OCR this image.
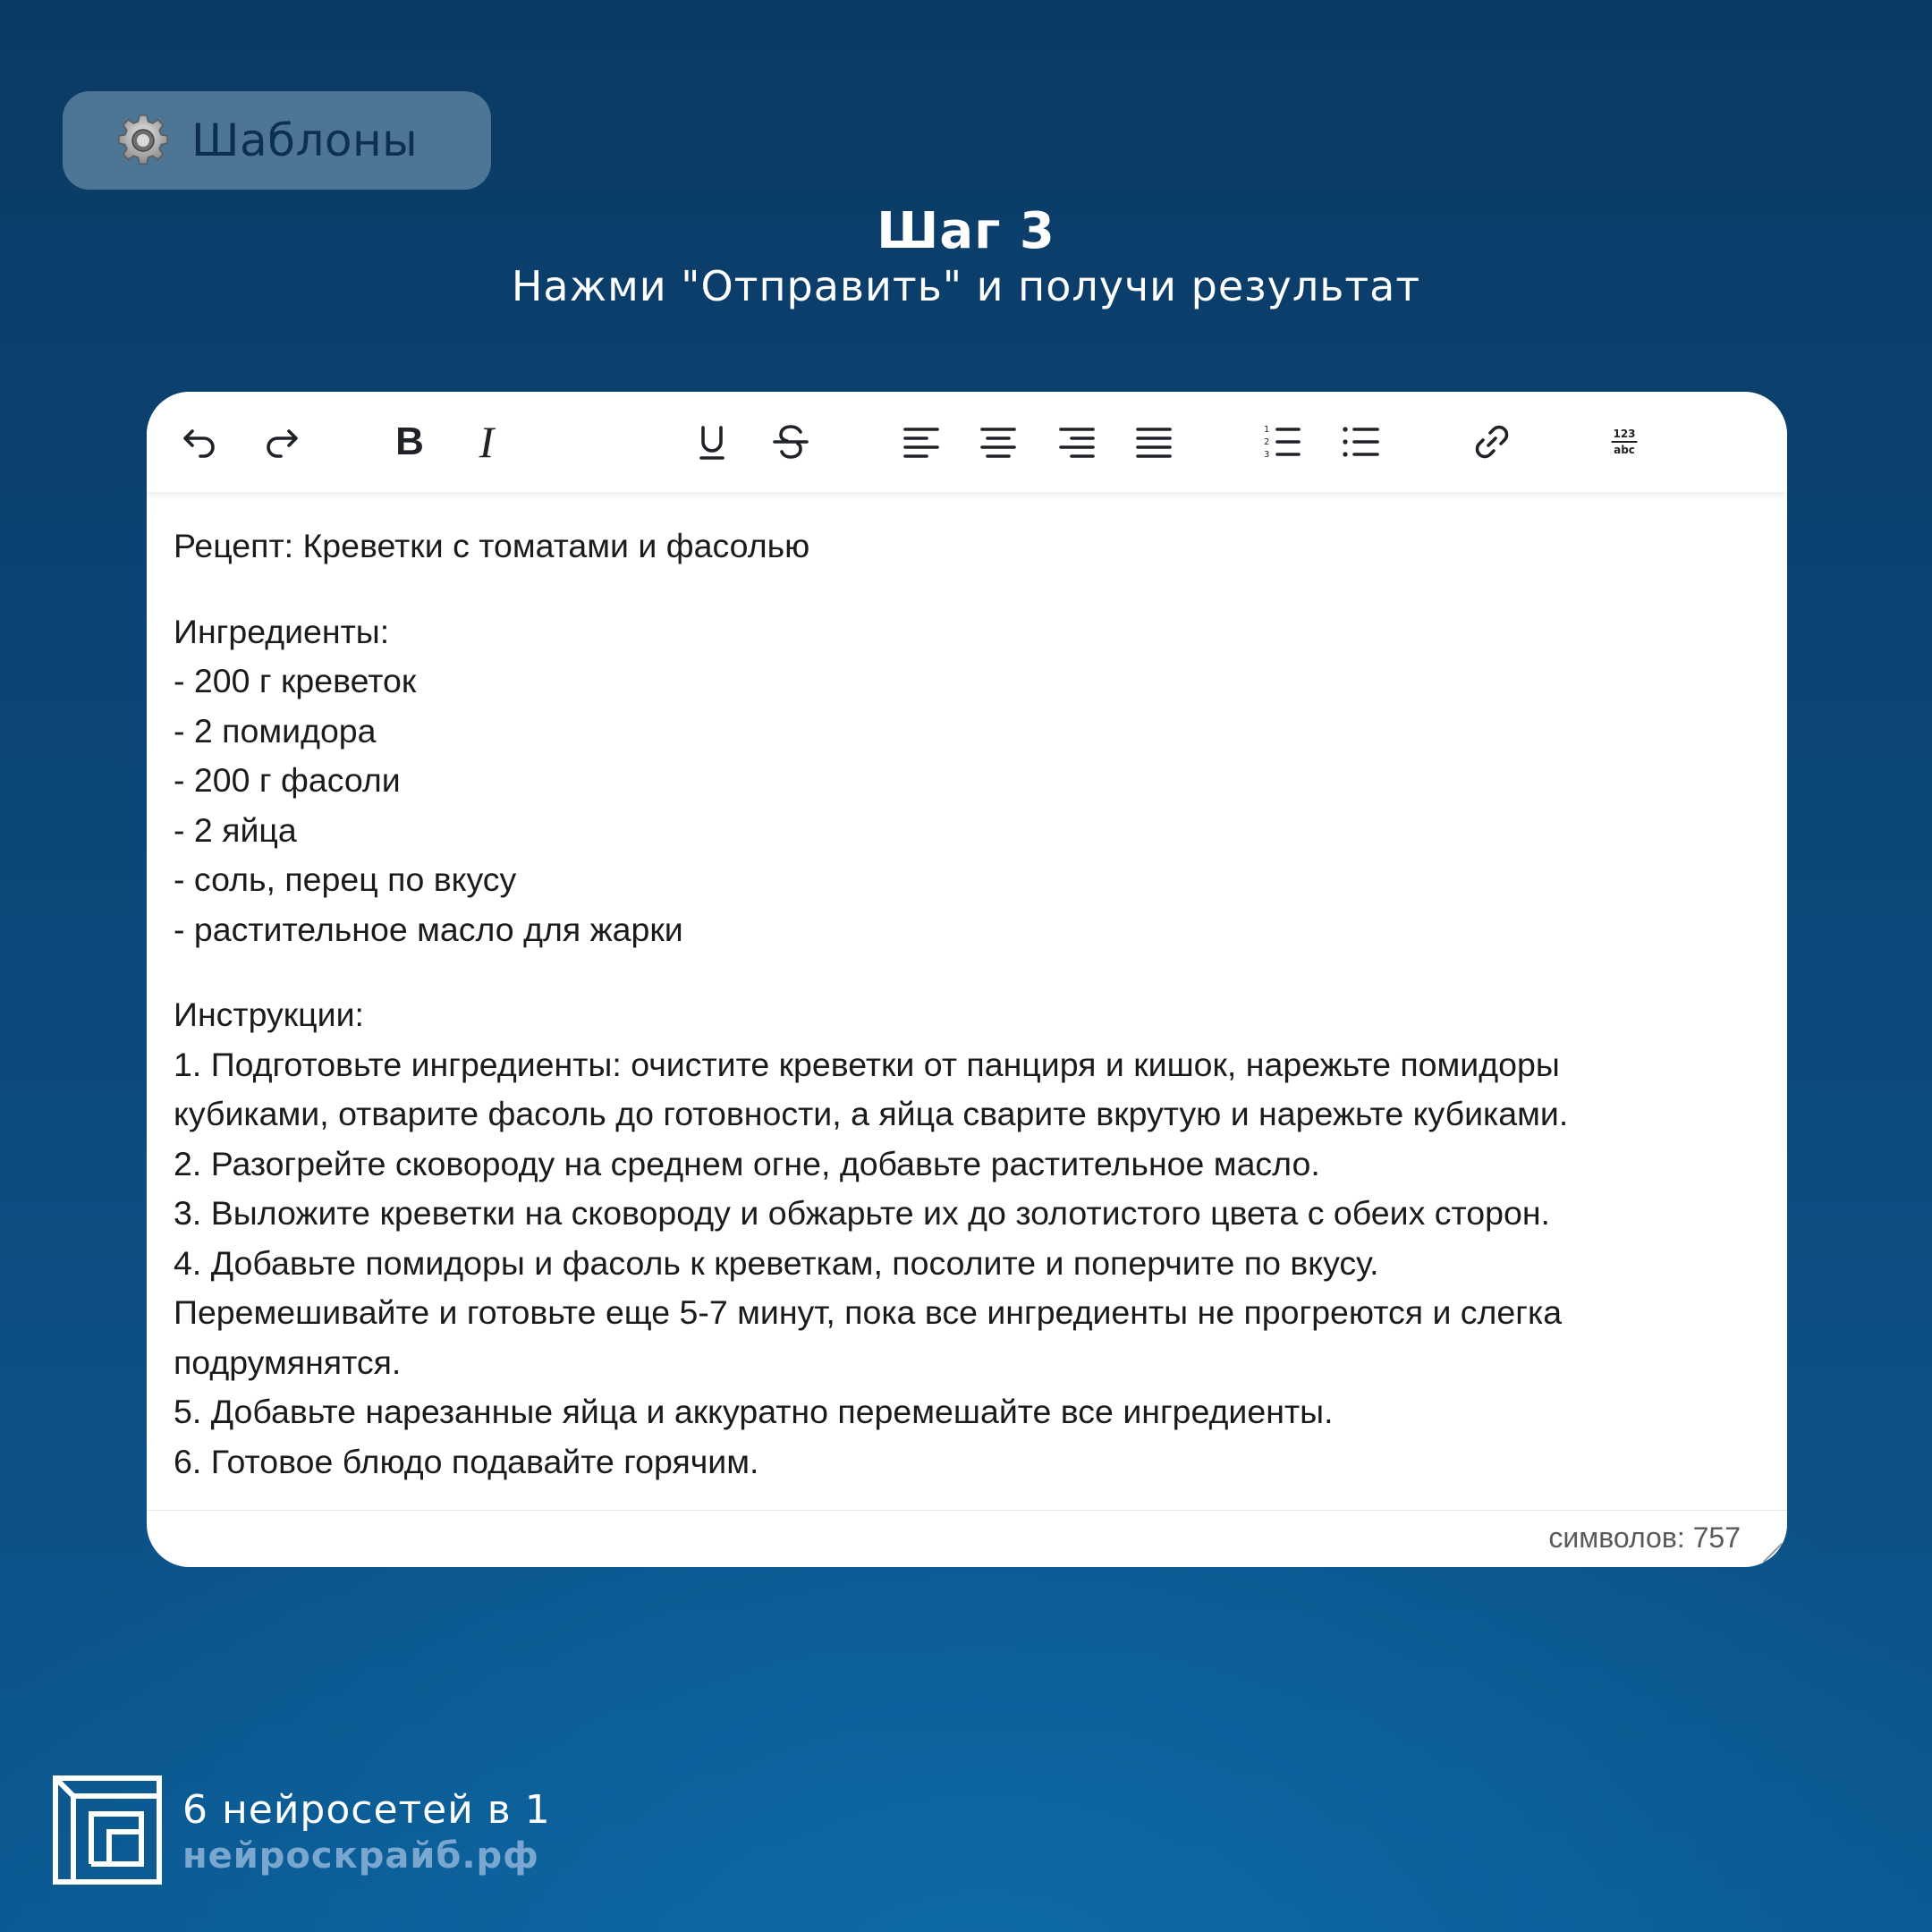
Шаблоны
Шаг 3
Нажми "Отправить" и получи результат
B I	1
2
3
123
abc
Рецепт: Креветки с томатами и фасолью
Ингредиенты:
- 200 г креветок
- 2 помидора
- 200 г фасоли
- 2 яйца
- соль, перец по вкусу
- растительное масло для жарки
Инструкции:
1. Подготовьте ингредиенты: очистите креветки от панциря и кишок, нарежьте помидоры
кубиками, отварите фасоль до готовности, а яйца сварите вкрутую и нарежьте кубиками.
2. Разогрейте сковороду на среднем огне, добавьте растительное масло.
3. Выложите креветки на сковороду и обжарьте их до золотистого цвета с обеих сторон.
4. Добавьте помидоры и фасоль к креветкам, посолите и поперчите по вкусу.
Перемешивайте и готовьте еще 5-7 минут, пока все ингредиенты не прогреются и слегка
подрумянятся.
5. Добавьте нарезанные яйца и аккуратно перемешайте все ингредиенты.
6. Готовое блюдо подавайте горячим.
символов: 757
6 нейросетей в 1
нейроскрайб.рф
